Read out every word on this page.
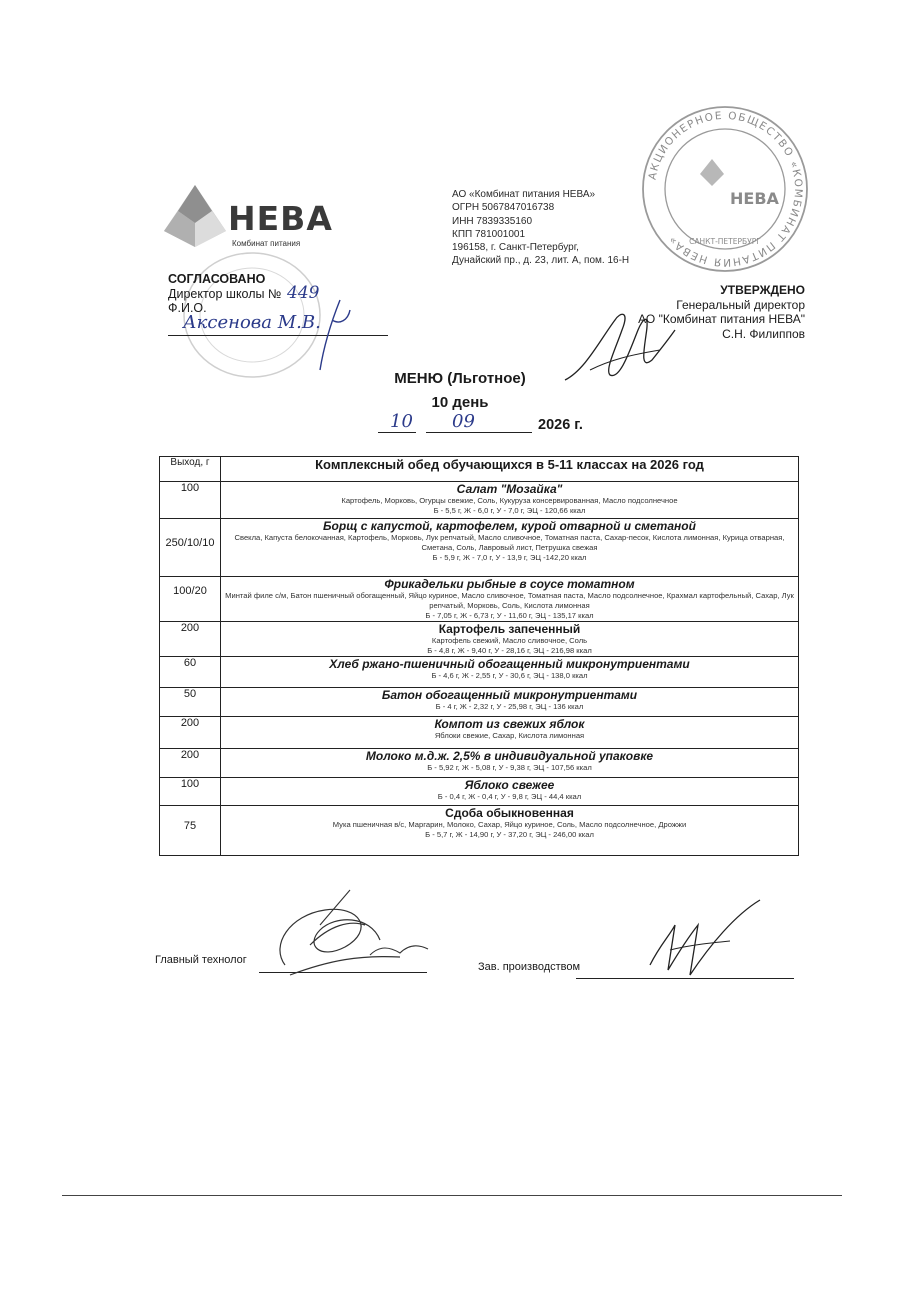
НЕВА
Комбинат питания
АО «Комбинат питания НЕВА»
ОГРН 5067847016738
ИНН 7839335160
КПП 781001001
196158, г. Санкт-Петербург,
Дунайский пр., д. 23, лит. А, пом. 16-Н
АКЦИОНЕРНОЕ ОБЩЕСТВО «КОМБИНАТ ПИТАНИЯ НЕВА»
НЕВА
САНКТ-ПЕТЕРБУРГ
СОГЛАСОВАНО
Директор школы № 449
Ф.И.О.
Аксенова М.В.
УТВЕРЖДЕНО
Генеральный директор
АО "Комбинат питания НЕВА"
С.Н. Филиппов
МЕНЮ (Льготное)
10 день
10 09	2026 г.
Выход, г	Комплексный обед обучающихся в 5-11 классах на 2026 год
100	Салат "Мозайка"
Картофель, Морковь, Огурцы свежие, Соль, Кукуруза консервированная, Масло подсолнечное
Б - 5,5 г, Ж - 6,0 г, У - 7,0 г, ЭЦ - 120,66 ккал

250/10/10	Борщ с капустой, картофелем, курой отварной и сметаной
Свекла, Капуста белокочанная, Картофель, Морковь, Лук репчатый, Масло сливочное, Томатная паста, Сахар-песок, Кислота лимонная, Курица отварная, Сметана, Соль, Лавровый лист, Петрушка свежая
Б - 5,9 г, Ж - 7,0 г, У - 13,9 г, ЭЦ -142,20 ккал

100/20	Фрикадельки рыбные в соусе томатном
Минтай филе с/м, Батон пшеничный обогащенный, Яйцо куриное, Масло сливочное, Томатная паста, Масло подсолнечное, Крахмал картофельный, Сахар, Лук репчатый, Морковь, Соль, Кислота лимонная
Б - 7,05 г, Ж - 6,73 г, У - 11,60 г, ЭЦ - 135,17 ккал

200	Картофель запеченный
Картофель свежий, Масло сливочное, Соль
Б - 4,8 г, Ж - 9,40 г, У - 28,16 г, ЭЦ - 216,98 ккал

60	Хлеб ржано-пшеничный обогащенный микронутриентами
Б - 4,6 г, Ж - 2,55 г, У - 30,6 г, ЭЦ - 138,0 ккал

50	Батон обогащенный микронутриентами
Б - 4 г, Ж - 2,32 г, У - 25,98 г, ЭЦ - 136 ккал

200	Компот из свежих яблок
Яблоки свежие, Сахар, Кислота лимонная

200	Молоко м.д.ж. 2,5% в индивидуальной упаковке
Б - 5,92 г, Ж - 5,08 г, У - 9,38 г, ЭЦ - 107,56 ккал

100	Яблоко свежее
Б - 0,4 г, Ж - 0,4 г, У - 9,8 г, ЭЦ - 44,4 ккал

75	Сдоба обыкновенная
Мука пшеничная в/с, Маргарин, Молоко, Сахар, Яйцо куриное, Соль, Масло подсолнечное, Дрожжи
Б - 5,7 г, Ж - 14,90 г, У - 37,20 г, ЭЦ - 246,00 ккал
Главный технолог
Зав. производством
